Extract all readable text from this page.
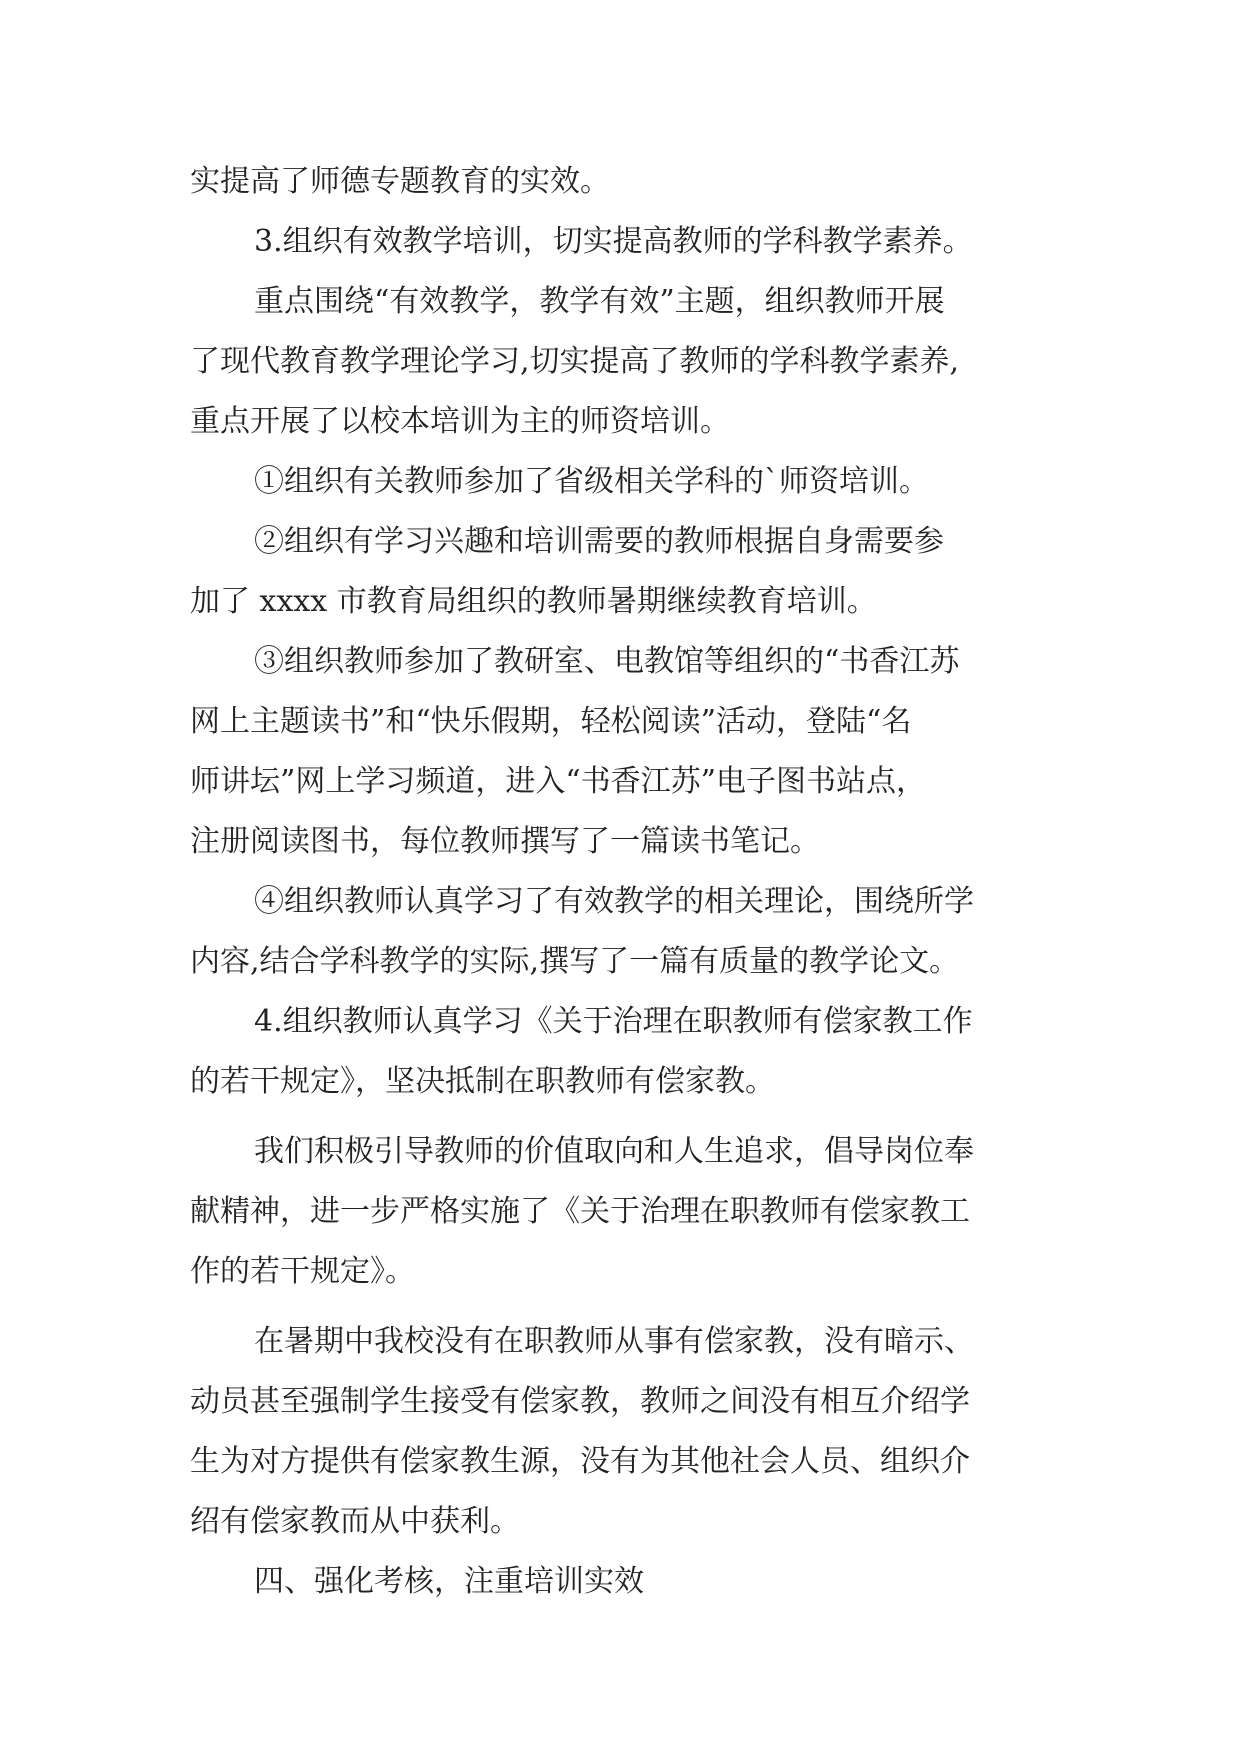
实提高了师德专题教育的实效。
3.组织有效教学培训，切实提高教师的学科教学素养。
重点围绕“有效教学，教学有效”主题，组织教师开展
了现代教育教学理论学习,切实提高了教师的学科教学素养,
重点开展了以校本培训为主的师资培训。
①组织有关教师参加了省级相关学科的`师资培训。
②组织有学习兴趣和培训需要的教师根据自身需要参
加了 xxxx 市教育局组织的教师暑期继续教育培训。
③组织教师参加了教研室、电教馆等组织的“书香江苏
网上主题读书”和“快乐假期，轻松阅读”活动，登陆“名
师讲坛”网上学习频道，进入“书香江苏”电子图书站点，
注册阅读图书，每位教师撰写了一篇读书笔记。
④组织教师认真学习了有效教学的相关理论，围绕所学
内容,结合学科教学的实际,撰写了一篇有质量的教学论文。
4.组织教师认真学习《关于治理在职教师有偿家教工作
的若干规定》，坚决抵制在职教师有偿家教。
我们积极引导教师的价值取向和人生追求，倡导岗位奉
献精神，进一步严格实施了《关于治理在职教师有偿家教工
作的若干规定》。
在暑期中我校没有在职教师从事有偿家教，没有暗示、
动员甚至强制学生接受有偿家教，教师之间没有相互介绍学
生为对方提供有偿家教生源，没有为其他社会人员、组织介
绍有偿家教而从中获利。
四、强化考核，注重培训实效
